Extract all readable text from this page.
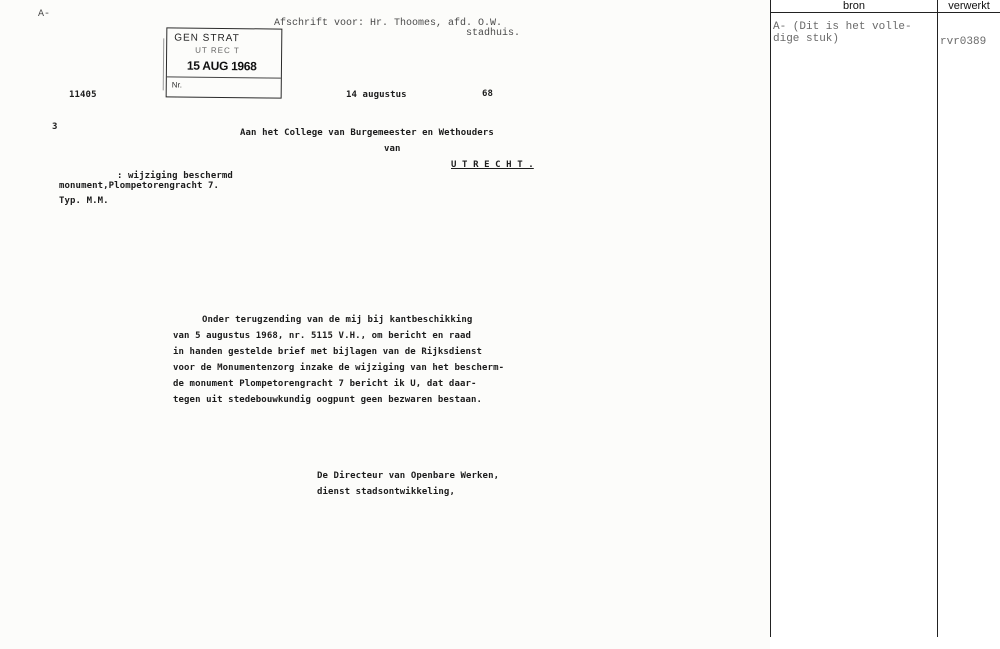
A-
Afschrift voor: Hr. Thoomes, afd. O.W.
stadhuis.
GEN STRAT
UT REC T
15 AUG 1968
Nr.
11405	14 augustus	68
3
Aan het College van Burgemeester en Wethouders
van
U T R E C H T .
: wijziging beschermd
monument,Plompetorengracht 7.
Typ. M.M.
Onder terugzending van de mij bij kantbeschikking
van 5 augustus 1968, nr. 5115 V.H., om bericht en raad
in handen gestelde brief met bijlagen van de Rijksdienst
voor de Monumentenzorg inzake de wijziging van het bescherm-
de monument Plompetorengracht 7 bericht ik U, dat daar-
tegen uit stedebouwkundig oogpunt geen bezwaren bestaan.
De Directeur van Openbare Werken,
dienst stadsontwikkeling,
bron	verwerkt
A- (Dit is het volle-
dige stuk)	rvr0389
